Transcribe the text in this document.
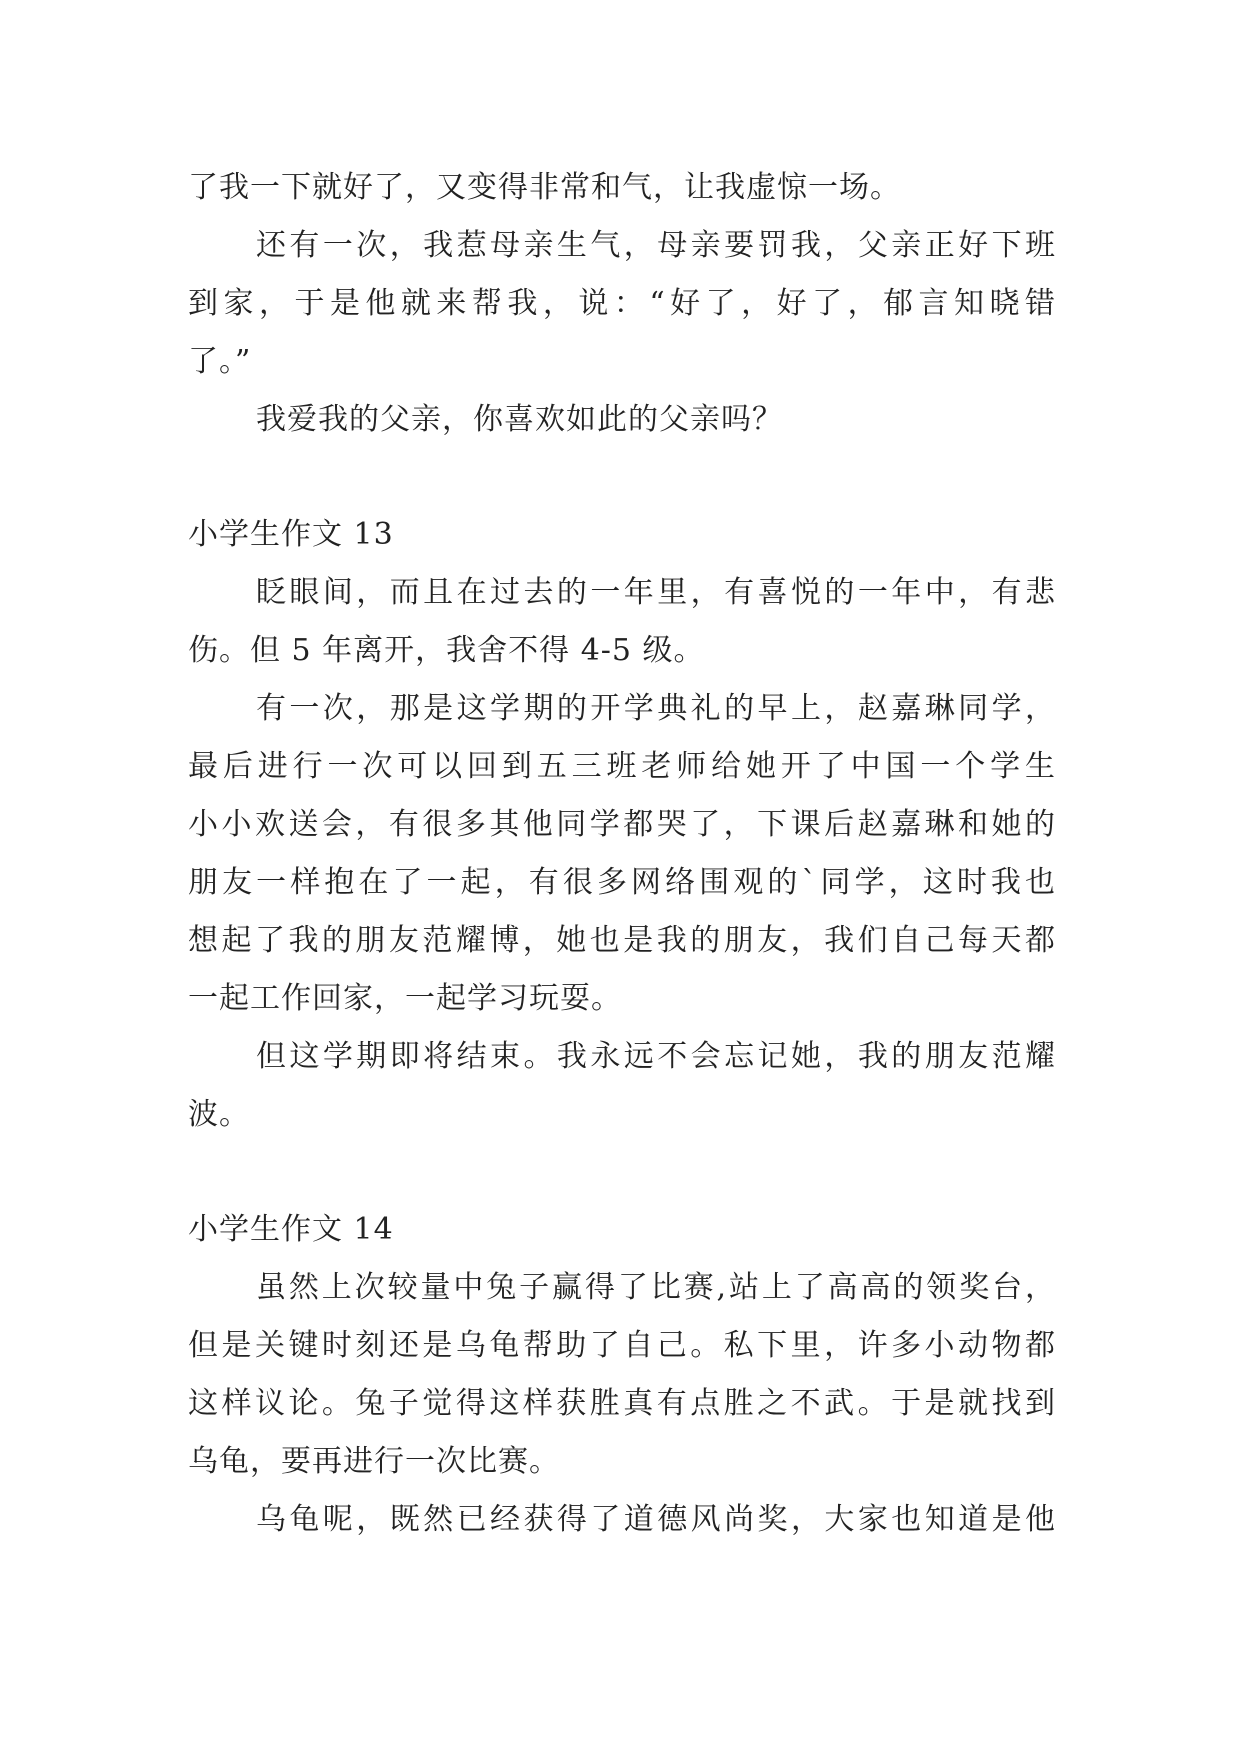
了我一下就好了，又变得非常和气，让我虚惊一场。
还有一次，我惹母亲生气，母亲要罚我，父亲正好下班
到家，于是他就来帮我，说：“好了，好了，郁言知晓错
了。”
我爱我的父亲，你喜欢如此的父亲吗？
小学生作文 13
眨眼间，而且在过去的一年里，有喜悦的一年中，有悲
伤。但 5 年离开，我舍不得 4-5 级。
有一次，那是这学期的开学典礼的早上，赵嘉琳同学，
最后进行一次可以回到五三班老师给她开了中国一个学生
小小欢送会，有很多其他同学都哭了，下课后赵嘉琳和她的
朋友一样抱在了一起，有很多网络围观的`同学，这时我也
想起了我的朋友范耀博，她也是我的朋友，我们自己每天都
一起工作回家，一起学习玩耍。
但这学期即将结束。我永远不会忘记她，我的朋友范耀
波。
小学生作文 14
虽然上次较量中兔子赢得了比赛,站上了高高的领奖台，
但是关键时刻还是乌龟帮助了自己。私下里，许多小动物都
这样议论。兔子觉得这样获胜真有点胜之不武。于是就找到
乌龟，要再进行一次比赛。
乌龟呢，既然已经获得了道德风尚奖，大家也知道是他
